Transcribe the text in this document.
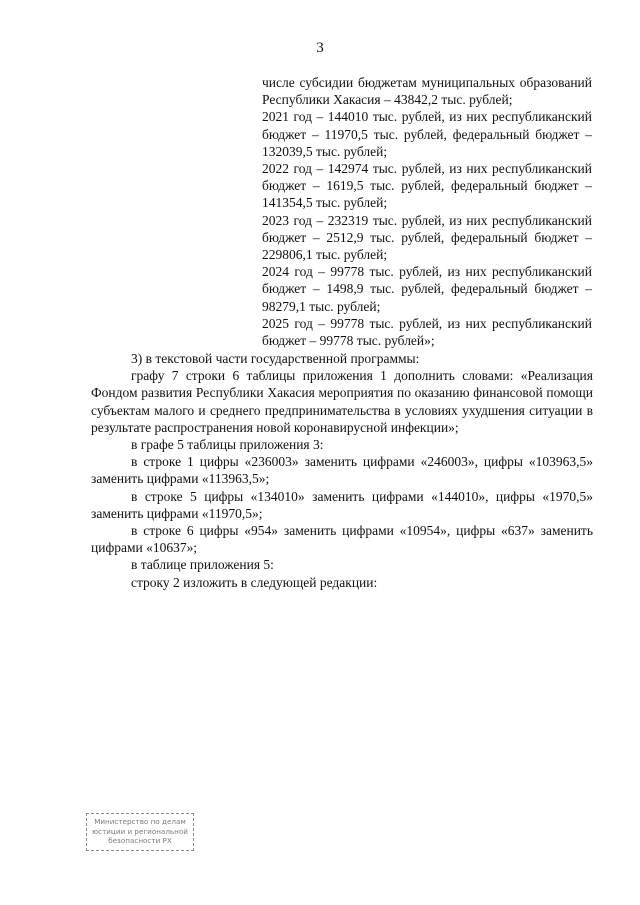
3

числе субсидии бюджетам муниципальных образований Республики Хакасия – 43842,2 тыс. рублей;

2021 год – 144010 тыс. рублей, из них республиканский бюджет – 11970,5 тыс. рублей, федеральный бюджет – 132039,5 тыс. рублей;

2022 год – 142974 тыс. рублей, из них республиканский бюджет – 1619,5 тыс. рублей, федеральный бюджет – 141354,5 тыс. рублей;

2023 год – 232319 тыс. рублей, из них республиканский бюджет – 2512,9 тыс. рублей, федеральный бюджет – 229806,1 тыс. рублей;

2024 год – 99778 тыс. рублей, из них республиканский бюджет – 1498,9 тыс. рублей, федеральный бюджет – 98279,1 тыс. рублей;

2025 год – 99778 тыс. рублей, из них республиканский бюджет – 99778 тыс. рублей»;

3) в текстовой части государственной программы:

графу 7 строки 6 таблицы приложения 1 дополнить словами: «Реализация Фондом развития Республики Хакасия мероприятия по оказанию финансовой помощи субъектам малого и среднего предпринимательства в условиях ухудшения ситуации в результате распространения новой коронавирусной инфекции»;

в графе 5 таблицы приложения 3:

в строке 1 цифры «236003» заменить цифрами «246003», цифры «103963,5» заменить цифрами «113963,5»;

в строке 5 цифры «134010» заменить цифрами «144010», цифры «1970,5» заменить цифрами «11970,5»;

в строке 6 цифры «954» заменить цифрами «10954», цифры «637» заменить цифрами «10637»;

в таблице приложения 5:

строку 2 изложить в следующей редакции:

Министерство по делам
юстиции и региональной
безопасности РХ
